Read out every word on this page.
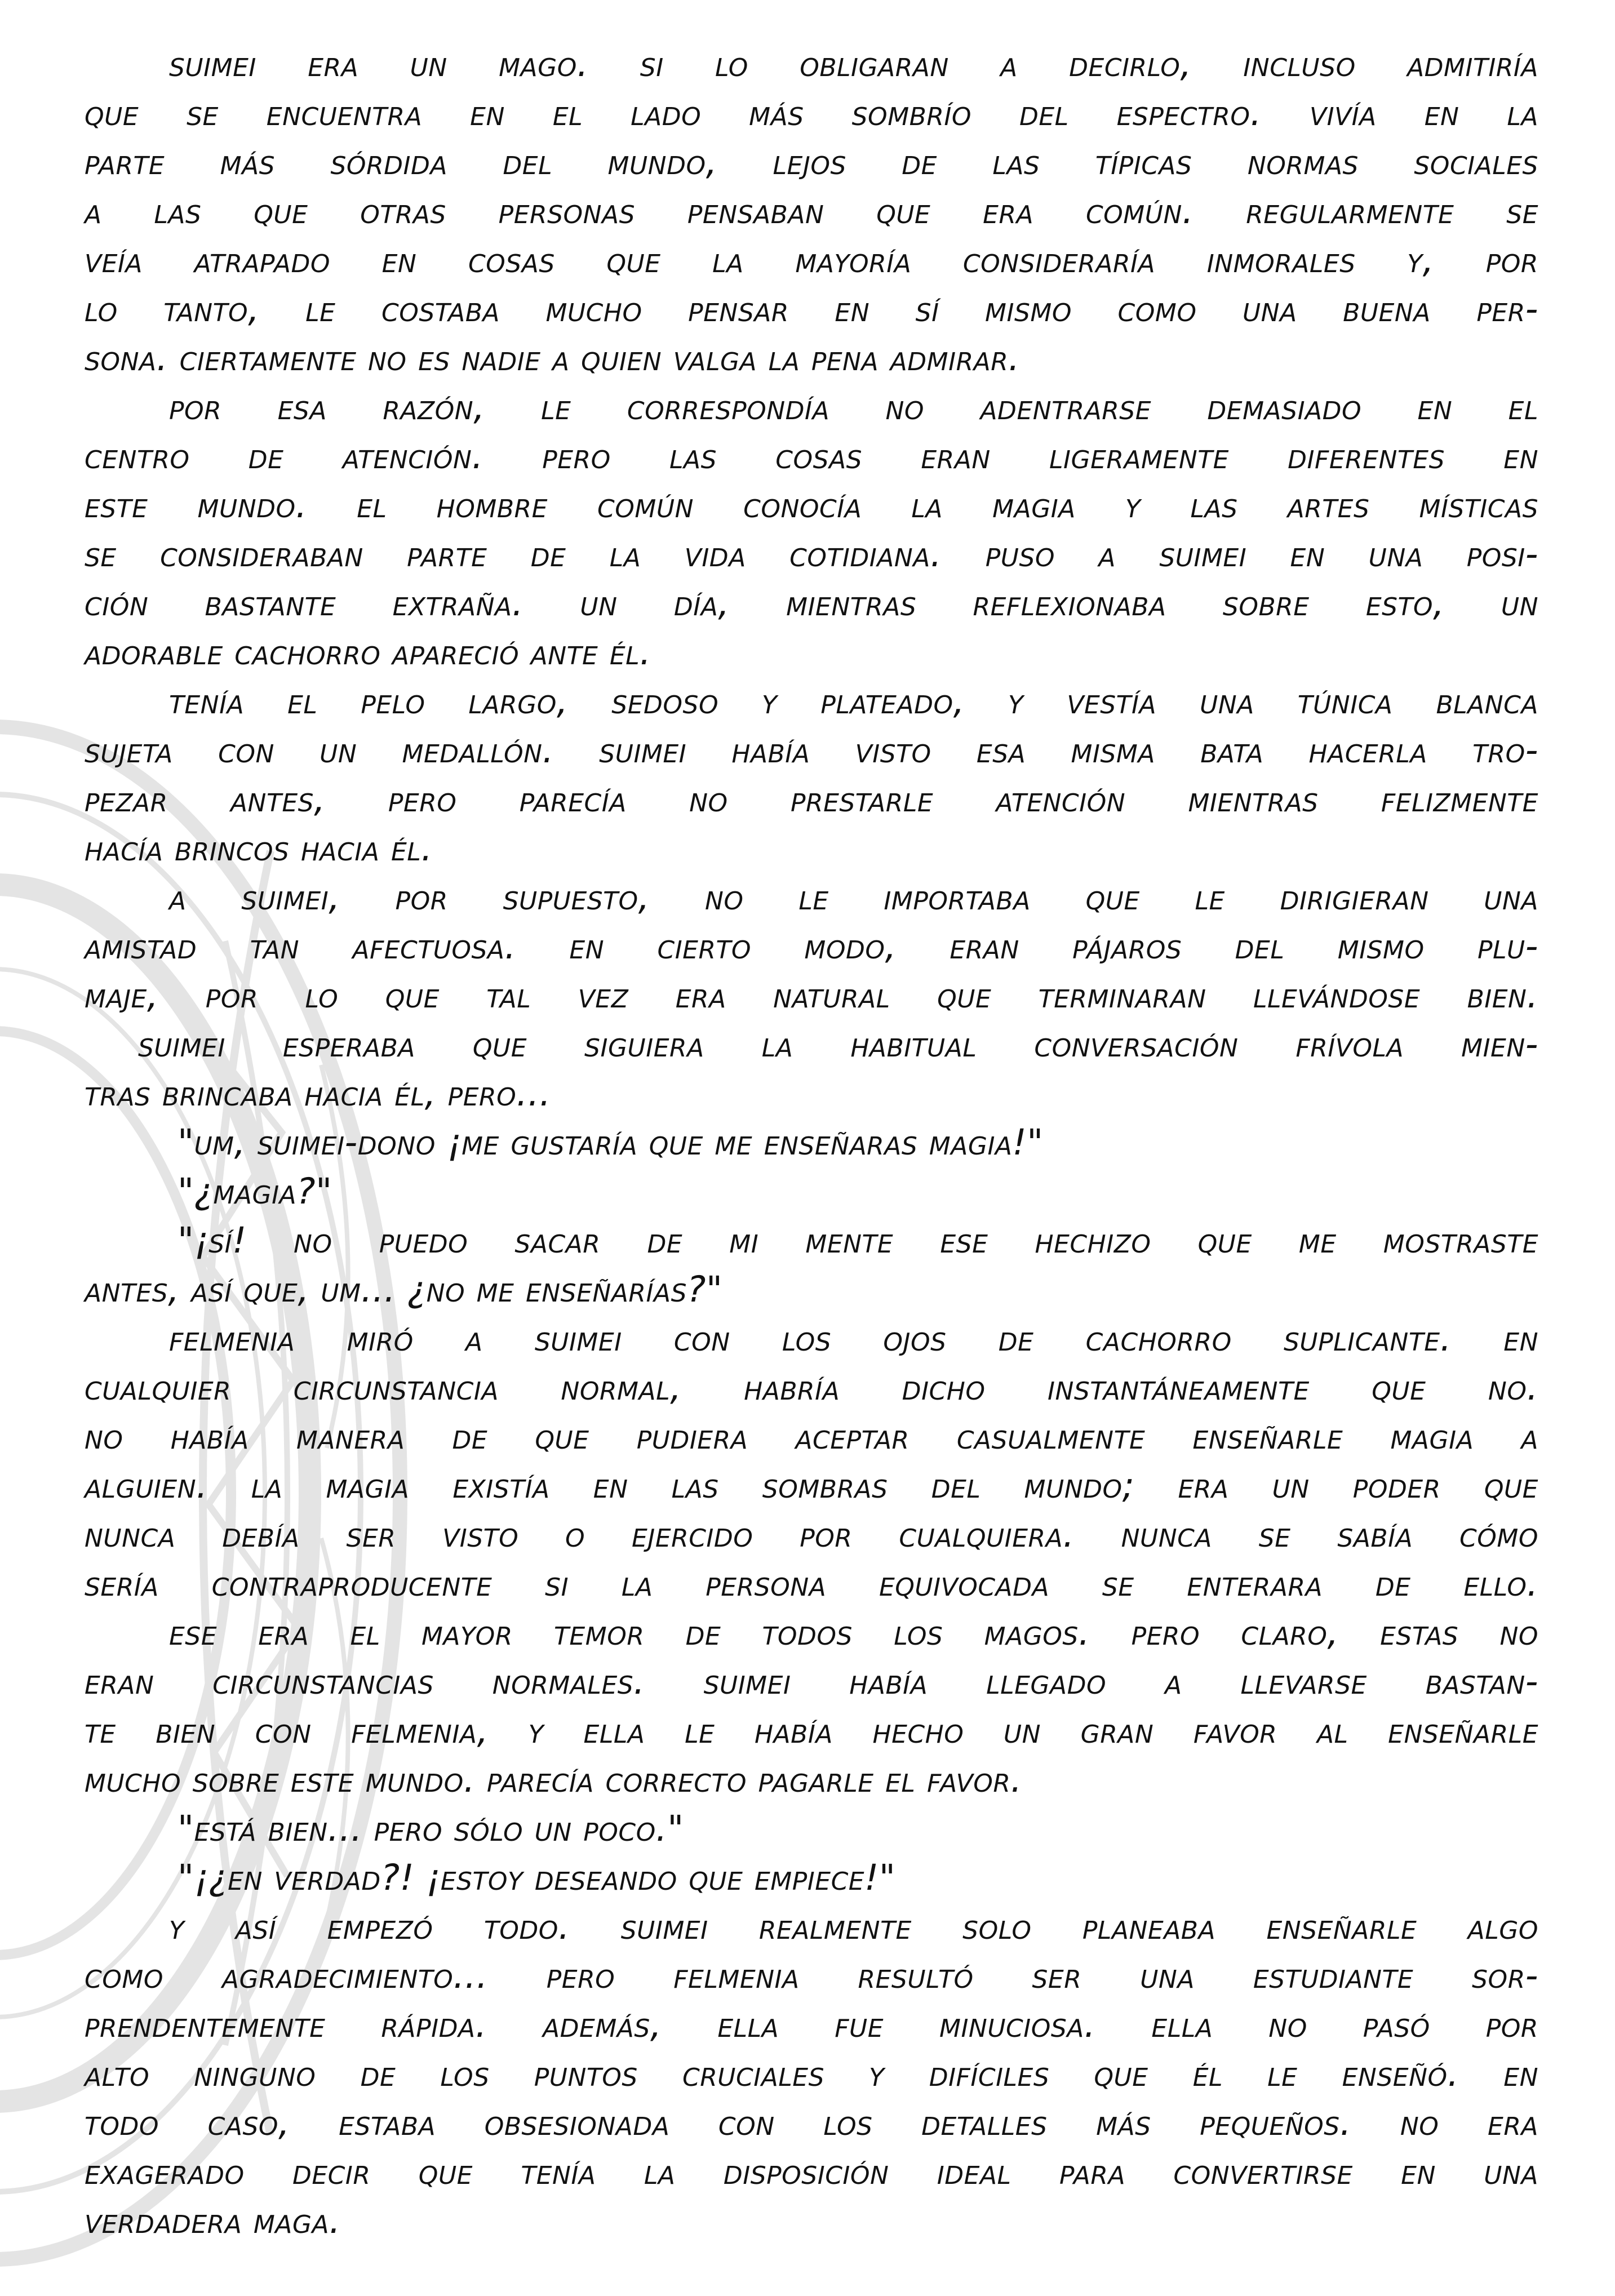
suimei era un mago. si lo obligaran a decirlo, incluso admitiría
que se encuentra en el lado más sombrío del espectro. vivía en la
parte más sórdida del mundo, lejos de las típicas normas sociales
a las que otras personas pensaban que era común. regularmente se
veía atrapado en cosas que la mayoría consideraría inmorales y, por
lo tanto, le costaba mucho pensar en sí mismo como una buena per-
sona. ciertamente no es nadie a quien valga la pena admirar.
por esa razón, le correspondía no adentrarse demasiado en el
centro de atención. pero las cosas eran ligeramente diferentes en
este mundo. el hombre común conocía la magia y las artes místicas
se consideraban parte de la vida cotidiana. puso a suimei en una posi-
ción bastante extraña. un día, mientras reflexionaba sobre esto, un
adorable cachorro apareció ante él.
tenía el pelo largo, sedoso y plateado, y vestía una túnica blanca
sujeta con un medallón. suimei había visto esa misma bata hacerla tro-
pezar antes, pero parecía no prestarle atención mientras felizmente
hacía brincos hacia él.
a suimei, por supuesto, no le importaba que le dirigieran una
amistad tan afectuosa. en cierto modo, eran pájaros del mismo plu-
maje, por lo que tal vez era natural que terminaran llevándose bien.
suimei esperaba que siguiera la habitual conversación frívola mien-
tras brincaba hacia él, pero...
"um, suimei-dono ¡me gustaría que me enseñaras magia!"
"¿magia?"
"¡sí! no puedo sacar de mi mente ese hechizo que me mostraste
antes, así que, um... ¿no me enseñarías?"
felmenia miró a suimei con los ojos de cachorro suplicante. en
cualquier circunstancia normal, habría dicho instantáneamente que no.
no había manera de que pudiera aceptar casualmente enseñarle magia a
alguien. la magia existía en las sombras del mundo; era un poder que
nunca debía ser visto o ejercido por cualquiera. nunca se sabía cómo
sería contraproducente si la persona equivocada se enterara de ello.
ese era el mayor temor de todos los magos. pero claro, estas no
eran circunstancias normales. suimei había llegado a llevarse bastan-
te bien con felmenia, y ella le había hecho un gran favor al enseñarle
mucho sobre este mundo. parecía correcto pagarle el favor.
"está bien... pero sólo un poco."
"¡¿en verdad?! ¡estoy deseando que empiece!"
y así empezó todo. suimei realmente solo planeaba enseñarle algo
como agradecimiento... pero felmenia resultó ser una estudiante sor-
prendentemente rápida. además, ella fue minuciosa. ella no pasó por
alto ninguno de los puntos cruciales y difíciles que él le enseñó. en
todo caso, estaba obsesionada con los detalles más pequeños. no era
exagerado decir que tenía la disposición ideal para convertirse en una
verdadera maga.
